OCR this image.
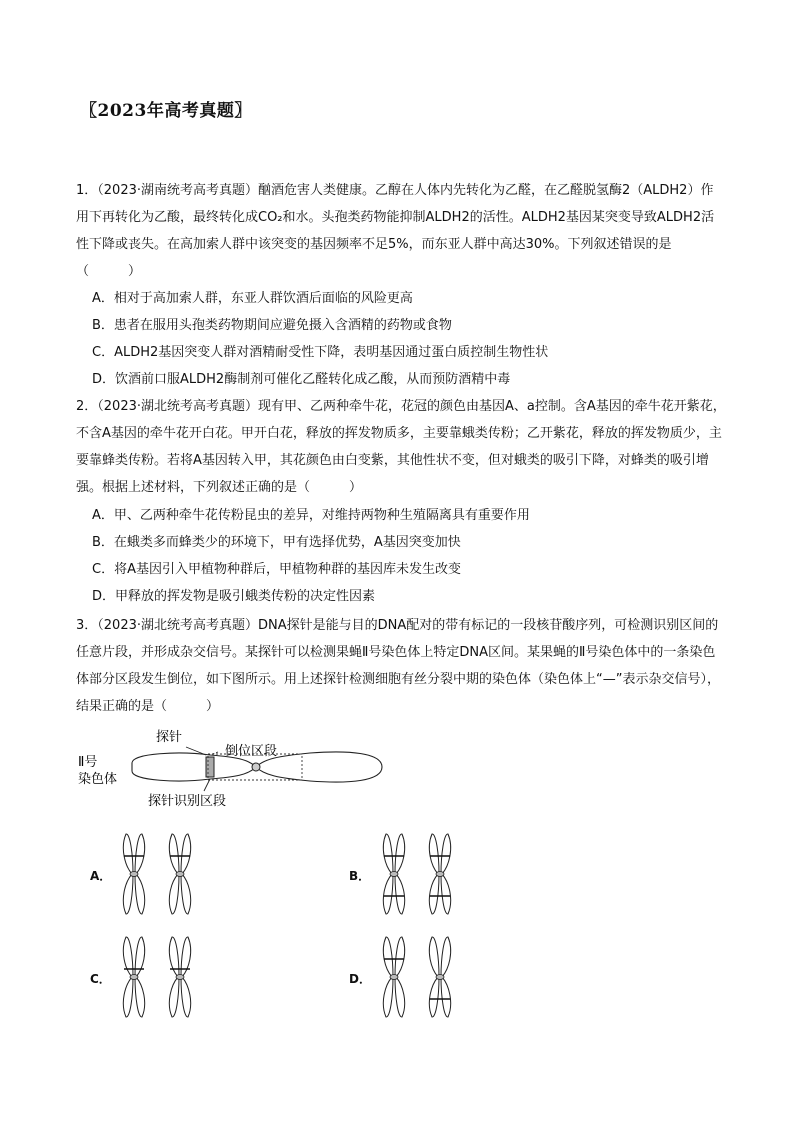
〖2023年高考真题〗
1．（2023·湖南统考高考真题）酗酒危害人类健康。乙醇在人体内先转化为乙醛，在乙醛脱氢酶2（ALDH2）作用下再转化为乙酸，最终转化成CO₂和水。头孢类药物能抑制ALDH2的活性。ALDH2基因某突变导致ALDH2活性下降或丧失。在高加索人群中该突变的基因频率不足5%，而东亚人群中高达30%。下列叙述错误的是（　　　）
A．相对于高加索人群，东亚人群饮酒后面临的风险更高
B．患者在服用头孢类药物期间应避免摄入含酒精的药物或食物
C．ALDH2基因突变人群对酒精耐受性下降，表明基因通过蛋白质控制生物性状
D．饮酒前口服ALDH2酶制剂可催化乙醛转化成乙酸，从而预防酒精中毒
2．（2023·湖北统考高考真题）现有甲、乙两种牵牛花，花冠的颜色由基因A、a控制。含A基因的牵牛花开紫花，不含A基因的牵牛花开白花。甲开白花，释放的挥发物质多，主要靠蛾类传粉；乙开紫花，释放的挥发物质少，主要靠蜂类传粉。若将A基因转入甲，其花颜色由白变紫，其他性状不变，但对蛾类的吸引下降，对蜂类的吸引增强。根据上述材料，下列叙述正确的是（　　　）
A．甲、乙两种牵牛花传粉昆虫的差异，对维持两物种生殖隔离具有重要作用
B．在蛾类多而蜂类少的环境下，甲有选择优势，A基因突变加快
C．将A基因引入甲植物种群后，甲植物种群的基因库未发生改变
D．甲释放的挥发物是吸引蛾类传粉的决定性因素
3．（2023·湖北统考高考真题）DNA探针是能与目的DNA配对的带有标记的一段核苷酸序列，可检测识别区间的任意片段，并形成杂交信号。某探针可以检测果蝇Ⅱ号染色体上特定DNA区间。某果蝇的Ⅱ号染色体中的一条染色体部分区段发生倒位，如下图所示。用上述探针检测细胞有丝分裂中期的染色体（染色体上“—”表示杂交信号），结果正确的是（　　　）
Ⅱ号
染色体
探针
倒位区段
探针识别区段
A．	B．
C．	D．
